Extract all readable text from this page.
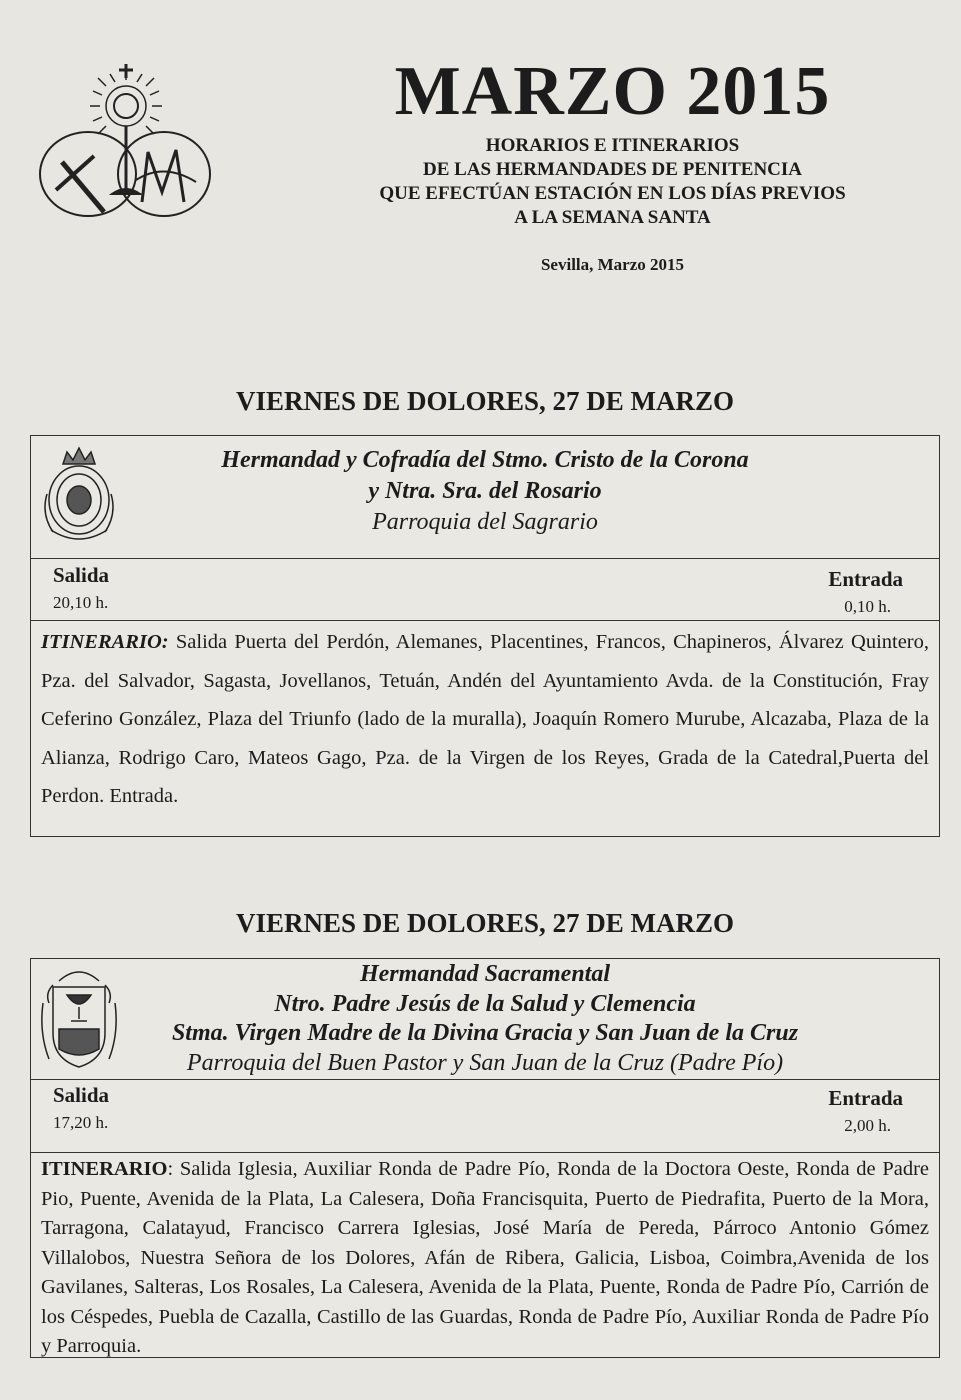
MARZO 2015
HORARIOS E ITINERARIOS
DE LAS HERMANDADES DE PENITENCIA
QUE EFECTÚAN ESTACIÓN EN LOS DÍAS PREVIOS
A LA SEMANA SANTA
Sevilla, Marzo 2015
VIERNES DE DOLORES, 27 DE MARZO
Hermandad y Cofradía del Stmo. Cristo de la Corona
y Ntra. Sra. del Rosario
Parroquia del Sagrario
Salida
20,10 h.
Entrada
0,10 h.
ITINERARIO: Salida Puerta del Perdón, Alemanes, Placentines, Francos, Chapineros, Álvarez Quintero, Pza. del Salvador, Sagasta, Jovellanos, Tetuán, Andén del Ayuntamiento Avda. de la Constitución, Fray Ceferino González, Plaza del Triunfo (lado de la muralla), Joaquín Romero Murube, Alcazaba, Plaza de la Alianza, Rodrigo Caro, Mateos Gago, Pza. de la Virgen de los Reyes, Grada de la Catedral,Puerta del Perdon. Entrada.
VIERNES DE DOLORES, 27 DE MARZO
Hermandad Sacramental
Ntro. Padre Jesús de la Salud y Clemencia
Stma. Virgen Madre de la Divina Gracia y San Juan de la Cruz
Parroquia del Buen Pastor y San Juan de la Cruz (Padre Pío)
Salida
17,20 h.
Entrada
2,00 h.
ITINERARIO: Salida Iglesia, Auxiliar Ronda de Padre Pío, Ronda de la Doctora Oeste, Ronda de Padre Pio, Puente, Avenida de la Plata, La Calesera, Doña Francisquita, Puerto de Piedrafita, Puerto de la Mora, Tarragona, Calatayud, Francisco Carrera Iglesias, José María de Pereda, Párroco Antonio Gómez Villalobos, Nuestra Señora de los Dolores, Afán de Ribera, Galicia, Lisboa, Coimbra,Avenida de los Gavilanes, Salteras, Los Rosales, La Calesera, Avenida de la Plata, Puente, Ronda de Padre Pío, Carrión de los Céspedes, Puebla de Cazalla, Castillo de las Guardas, Ronda de Padre Pío, Auxiliar Ronda de Padre Pío y Parroquia.
